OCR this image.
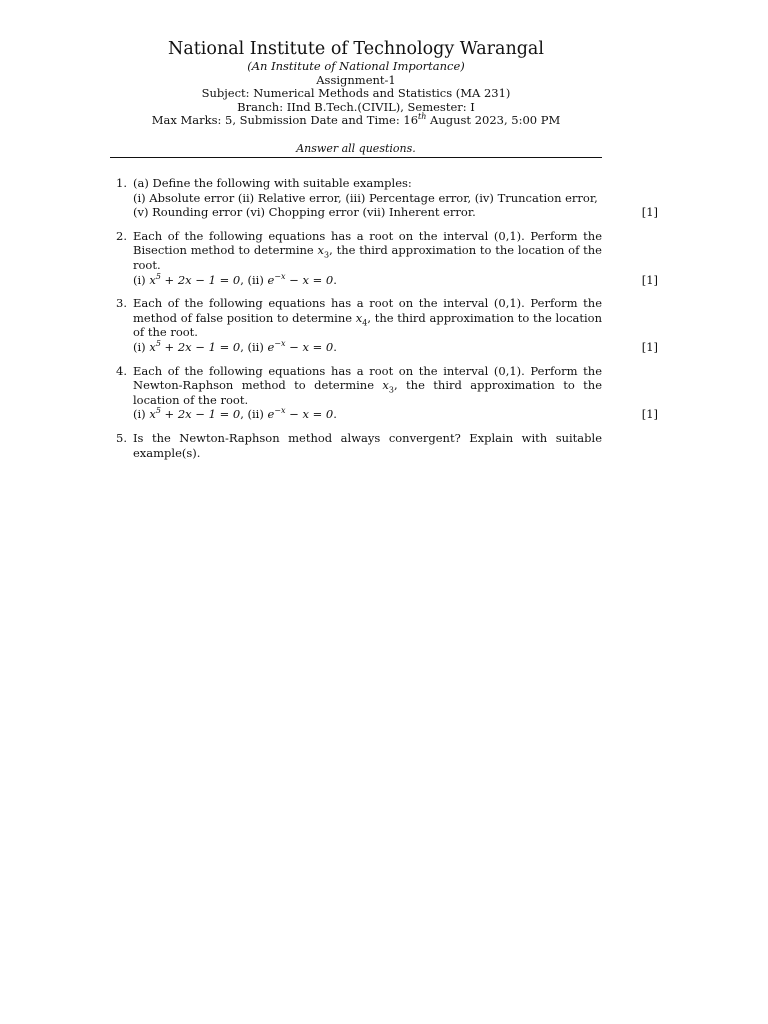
National Institute of Technology Warangal
(An Institute of National Importance)
Assignment-1
Subject: Numerical Methods and Statistics (MA 231)
Branch: IInd B.Tech.(CIVIL), Semester: I
Max Marks: 5, Submission Date and Time: 16th August 2023, 5:00 PM
Answer all questions.
1. (a) Define the following with suitable examples:
(i) Absolute error (ii) Relative error, (iii) Percentage error, (iv) Truncation error,
(v) Rounding error (vi) Chopping error (vii) Inherent error.	[1]
2. Each of the following equations has a root on the interval (0,1). Perform the Bisection method to determine $x_3$, the third approximation to the location of the root.
(i) $x^5 + 2x - 1 = 0$, (ii) $e^{-x} - x = 0$.	[1]
3. Each of the following equations has a root on the interval (0,1). Perform the method of false position to determine $x_4$, the third approximation to the location of the root.
(i) $x^5 + 2x - 1 = 0$, (ii) $e^{-x} - x = 0$.	[1]
4. Each of the following equations has a root on the interval (0,1). Perform the Newton-Raphson method to determine $x_3$, the third approximation to the location of the root.
(i) $x^5 + 2x - 1 = 0$, (ii) $e^{-x} - x = 0$.	[1]
5. Is the Newton-Raphson method always convergent? Explain with suitable example(s).
